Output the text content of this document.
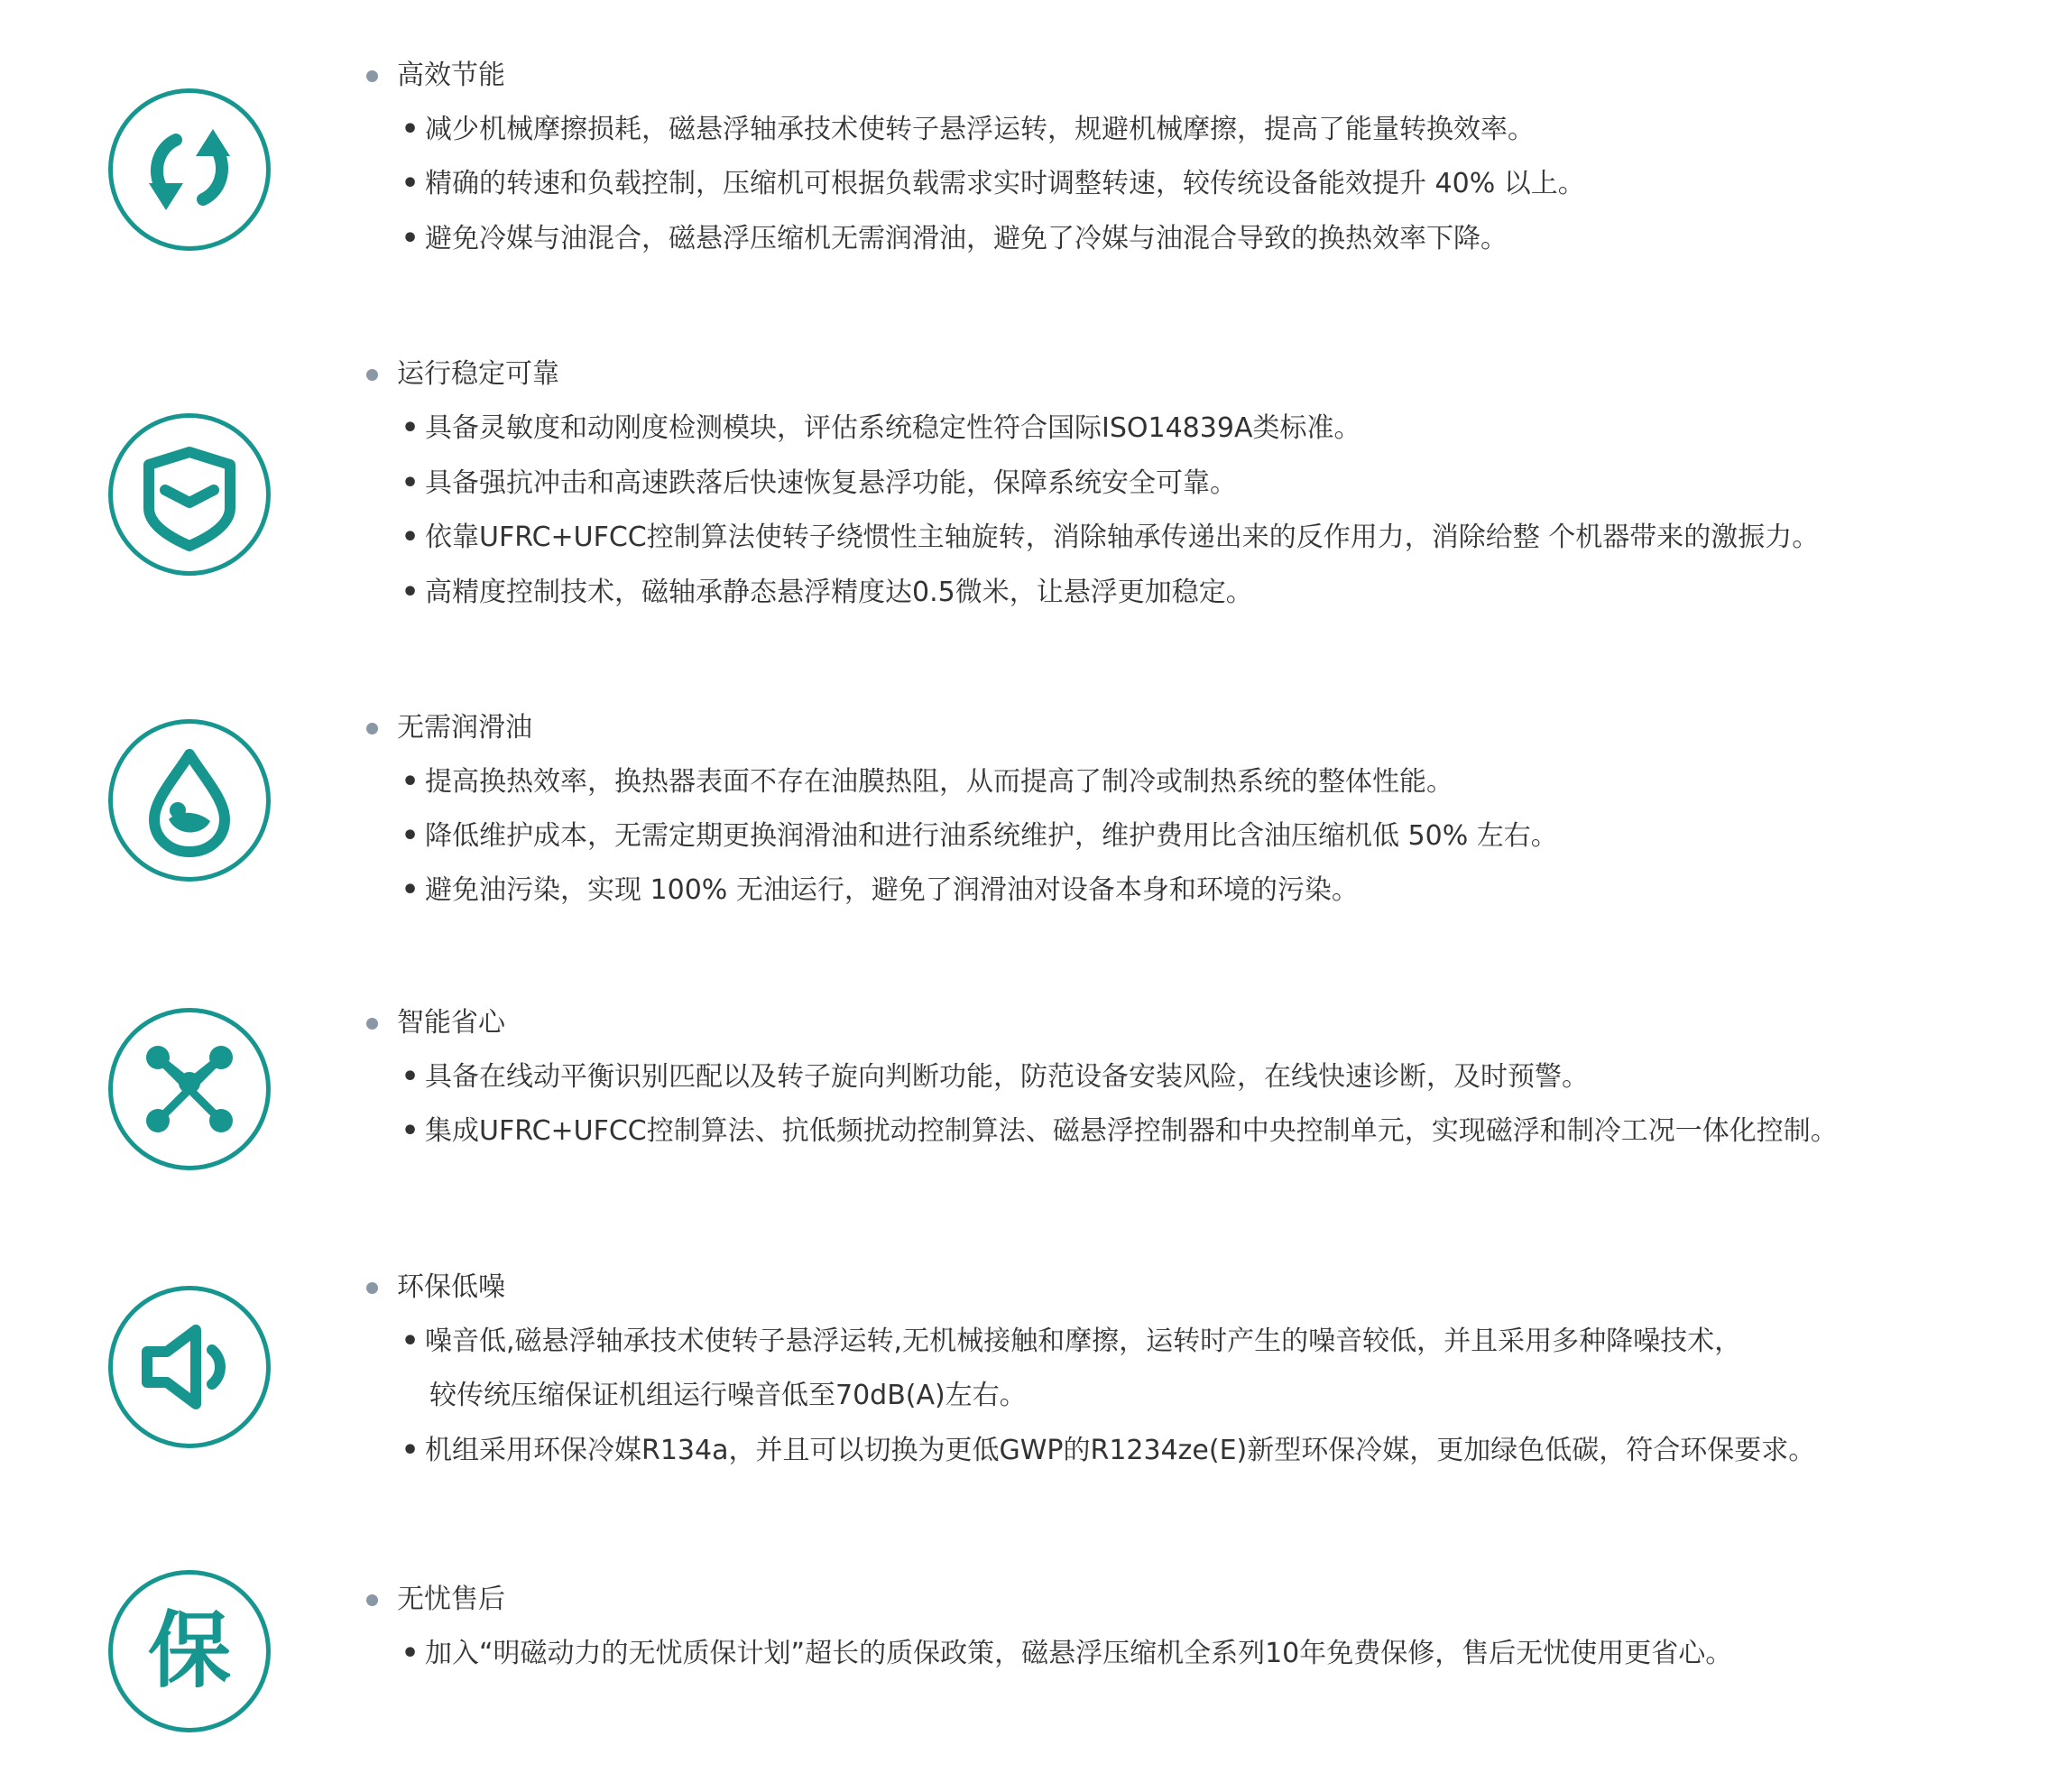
高效节能
• 减少机械摩擦损耗，磁悬浮轴承技术使转子悬浮运转，规避机械摩擦，提高了能量转换效率。
• 精确的转速和负载控制，压缩机可根据负载需求实时调整转速，较传统设备能效提升 40% 以上。
• 避免冷媒与油混合，磁悬浮压缩机无需润滑油，避免了冷媒与油混合导致的换热效率下降。
运行稳定可靠
• 具备灵敏度和动刚度检测模块，评估系统稳定性符合国际ISO14839A类标准。
• 具备强抗冲击和高速跌落后快速恢复悬浮功能，保障系统安全可靠。
• 依靠UFRC+UFCC控制算法使转子绕惯性主轴旋转，消除轴承传递出来的反作用力，消除给整 个机器带来的激振力。
• 高精度控制技术，磁轴承静态悬浮精度达0.5微米，让悬浮更加稳定。
无需润滑油
• 提高换热效率，换热器表面不存在油膜热阻，从而提高了制冷或制热系统的整体性能。
• 降低维护成本，无需定期更换润滑油和进行油系统维护，维护费用比含油压缩机低 50% 左右。
• 避免油污染，实现 100% 无油运行，避免了润滑油对设备本身和环境的污染。
智能省心
• 具备在线动平衡识别匹配以及转子旋向判断功能，防范设备安装风险，在线快速诊断，及时预警。
• 集成UFRC+UFCC控制算法、抗低频扰动控制算法、磁悬浮控制器和中央控制单元，实现磁浮和制冷工况一体化控制。
环保低噪
• 噪音低,磁悬浮轴承技术使转子悬浮运转,无机械接触和摩擦，运转时产生的噪音较低，并且采用多种降噪技术，
较传统压缩保证机组运行噪音低至70dB(A)左右。
• 机组采用环保冷媒R134a，并且可以切换为更低GWP的R1234ze(E)新型环保冷媒，更加绿色低碳，符合环保要求。
保
无忧售后
• 加入“明磁动力的无忧质保计划”超长的质保政策，磁悬浮压缩机全系列10年免费保修，售后无忧使用更省心。
